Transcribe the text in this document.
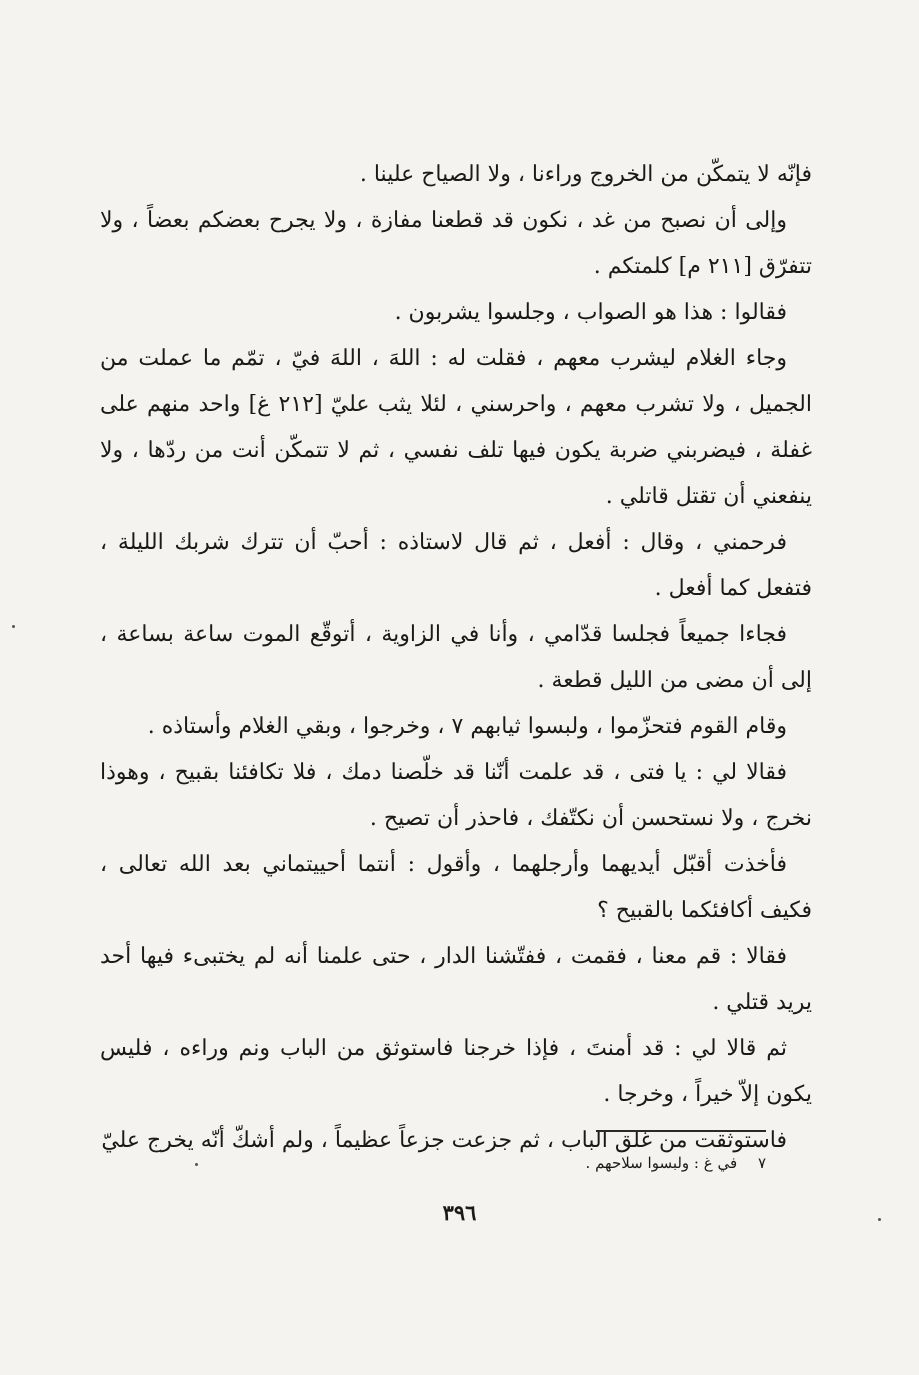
فإنّه لا يتمكّن من الخروج وراءنا ، ولا الصياح علينا .

وإلى أن نصبح من غد ، نكون قد قطعنا مفازة ، ولا يجرح بعضكم بعضاً ، ولا تتفرّق [٢١١ م] كلمتكم .

فقالوا : هذا هو الصواب ، وجلسوا يشربون .

وجاء الغلام ليشرب معهم ، فقلت له : اللهَ ، اللهَ فيّ ، تمّم ما عملت من الجميل ، ولا تشرب معهم ، واحرسني ، لئلا يثب عليّ [٢١٢ غ] واحد منهم على غفلة ، فيضربني ضربة يكون فيها تلف نفسي ، ثم لا تتمكّن أنت من ردّها ، ولا ينفعني أن تقتل قاتلي .

فرحمني ، وقال : أفعل ، ثم قال لاستاذه : أحبّ أن تترك شربك الليلة ، فتفعل كما أفعل .

فجاءا جميعاً فجلسا قدّامي ، وأنا في الزاوية ، أتوقّع الموت ساعة بساعة ، إلى أن مضى من الليل قطعة .

وقام القوم فتحزّموا ، ولبسوا ثيابهم ٧ ، وخرجوا ، وبقي الغلام وأستاذه .

فقالا لي : يا فتى ، قد علمت أنّنا قد خلّصنا دمك ، فلا تكافئنا بقبيح ، وهوذا نخرج ، ولا نستحسن أن نكتّفك ، فاحذر أن تصيح .

فأخذت أقبّل أيديهما وأرجلهما ، وأقول : أنتما أحييتماني بعد الله تعالى ، فكيف أكافئكما بالقبيح ؟

فقالا : قم معنا ، فقمت ، ففتّشنا الدار ، حتى علمنا أنه لم يختبىء فيها أحد يريد قتلي .

ثم قالا لي : قد أمنتَ ، فإذا خرجنا فاستوثق من الباب ونم وراءه ، فليس يكون إلاّ خيراً ، وخرجا .

فاستوثقت من غلق الباب ، ثم جزعت جزعاً عظيماً ، ولم أشكّ أنّه يخرج عليّ

٧ في غ : ولبسوا سلاحهم .
٣٩٦
